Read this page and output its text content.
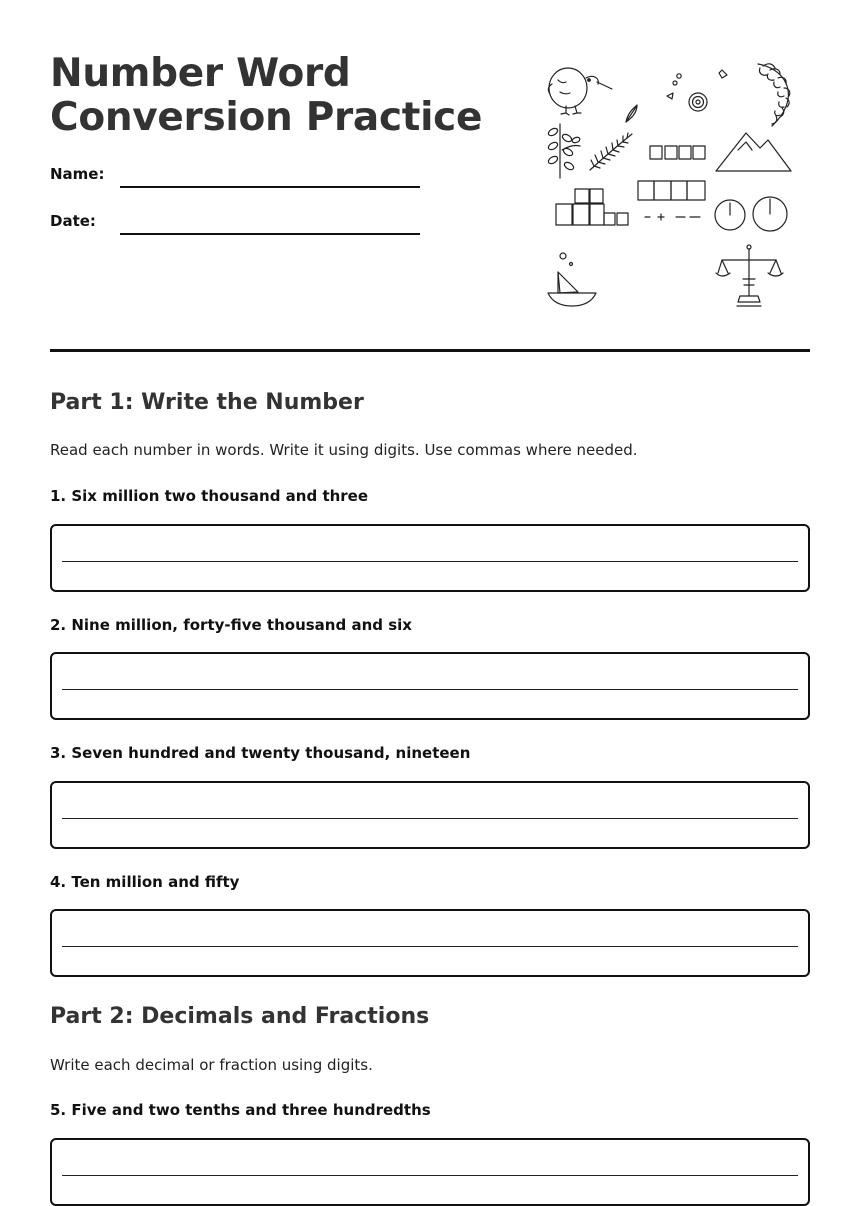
Number Word
Conversion Practice
Name:
Date:
Part 1: Write the Number

Read each number in words. Write it using digits. Use commas where needed.

1. Six million two thousand and three
2. Nine million, forty-five thousand and six
3. Seven hundred and twenty thousand, nineteen
4. Ten million and fifty
Part 2: Decimals and Fractions

Write each decimal or fraction using digits.

5. Five and two tenths and three hundredths
